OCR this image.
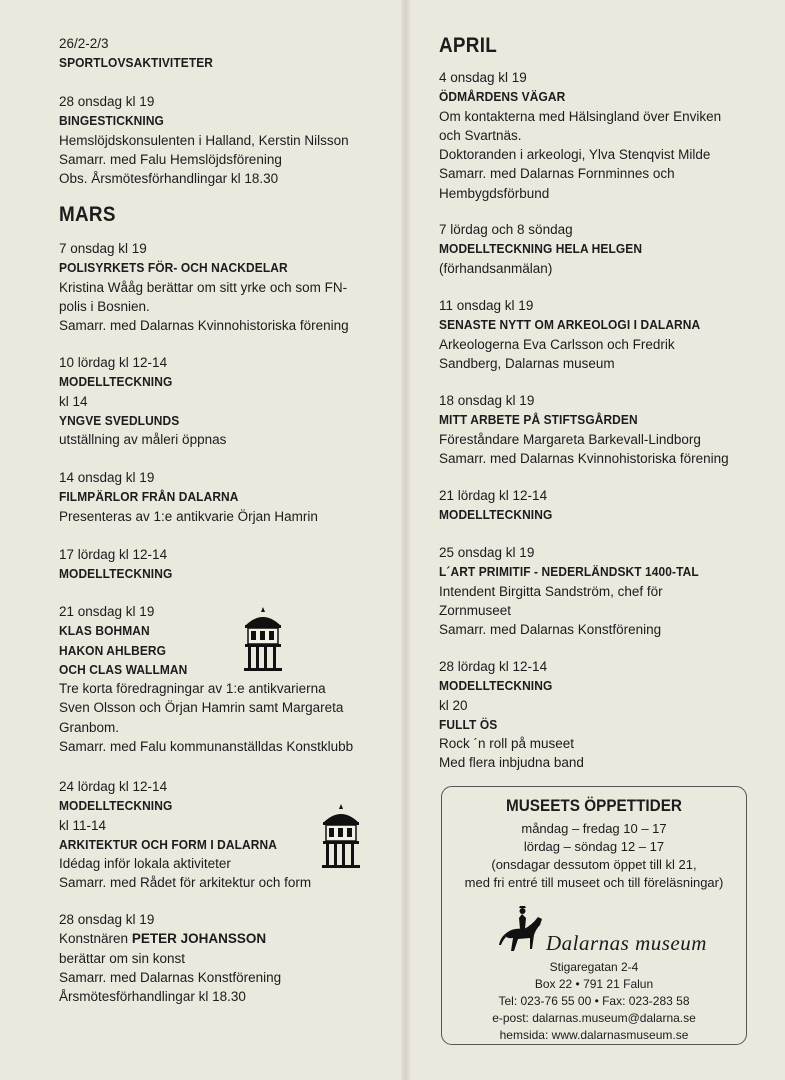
26/2-2/3
SPORTLOVSAKTIVITETER
28 onsdag kl 19
BINGESTICKNING
Hemslöjdskonsulenten i Halland, Kerstin Nilsson
Samarr. med Falu Hemslöjdsförening
Obs. Årsmötesförhandlingar kl 18.30
MARS
7 onsdag kl 19
POLISYRKETS FÖR- OCH NACKDELAR
Kristina Wååg berättar om sitt yrke och som FN-
polis i Bosnien.
Samarr. med Dalarnas Kvinnohistoriska förening
10 lördag kl 12-14
MODELLTECKNING
kl 14
YNGVE SVEDLUNDS
utställning av måleri öppnas
14 onsdag kl 19
FILMPÄRLOR FRÅN DALARNA
Presenteras av 1:e antikvarie Örjan Hamrin
17 lördag kl 12-14
MODELLTECKNING
21 onsdag kl 19
KLAS BOHMAN
HAKON AHLBERG
OCH CLAS WALLMAN
Tre korta föredragningar av 1:e antikvarierna
Sven Olsson och Örjan Hamrin samt Margareta
Granbom.
Samarr. med Falu kommunanställdas Konstklubb
24 lördag kl 12-14
MODELLTECKNING
kl 11-14
ARKITEKTUR OCH FORM I DALARNA
Idédag inför lokala aktiviteter
Samarr. med Rådet för arkitektur och form
28 onsdag kl 19
Konstnären PETER JOHANSSON
berättar om sin konst
Samarr. med Dalarnas Konstförening
Årsmötesförhandlingar kl 18.30
APRIL
4 onsdag kl 19
ÖDMÅRDENS VÄGAR
Om kontakterna med Hälsingland över Enviken
och Svartnäs.
Doktoranden i arkeologi, Ylva Stenqvist Milde
Samarr. med Dalarnas Fornminnes och
Hembygdsförbund
7 lördag och 8 söndag
MODELLTECKNING HELA HELGEN
(förhandsanmälan)
11 onsdag kl 19
SENASTE NYTT OM ARKEOLOGI I DALARNA
Arkeologerna Eva Carlsson och Fredrik
Sandberg, Dalarnas museum
18 onsdag kl 19
MITT ARBETE PÅ STIFTSGÅRDEN
Föreståndare Margareta Barkevall-Lindborg
Samarr. med Dalarnas Kvinnohistoriska förening
21 lördag kl 12-14
MODELLTECKNING
25 onsdag kl 19
L´ART PRIMITIF - NEDERLÄNDSKT 1400-TAL
Intendent Birgitta Sandström, chef för
Zornmuseet
Samarr. med Dalarnas Konstförening
28 lördag kl 12-14
MODELLTECKNING
kl 20
FULLT ÖS
Rock ´n roll på museet
Med flera inbjudna band
MUSEETS ÖPPETTIDER
måndag – fredag 10 – 17
lördag – söndag 12 – 17
(onsdagar dessutom öppet till kl 21,
med fri entré till museet och till föreläsningar)
Dalarnas museum
Stigaregatan 2-4
Box 22 • 791 21 Falun
Tel: 023-76 55 00 • Fax: 023-283 58
e-post: dalarnas.museum@dalarna.se
hemsida: www.dalarnasmuseum.se
